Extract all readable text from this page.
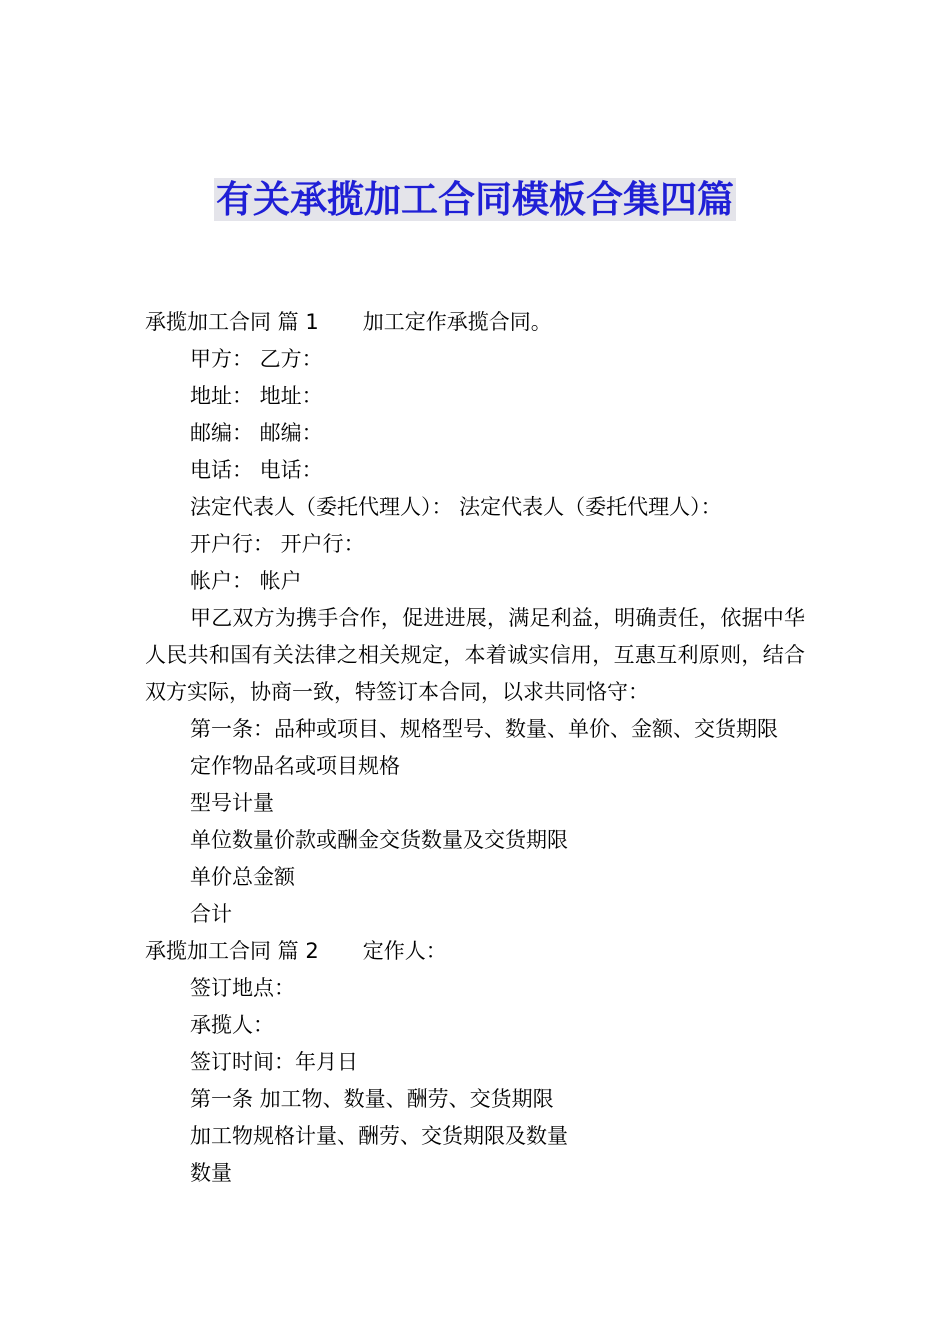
有关承揽加工合同模板合集四篇
承揽加工合同 篇 1 加工定作承揽合同。
甲方： 乙方：
地址： 地址：
邮编： 邮编：
电话： 电话：
法定代表人（委托代理人）： 法定代表人（委托代理人）：
开户行： 开户行：
帐户： 帐户

甲乙双方为携手合作，促进进展，满足利益，明确责任，依据中华人民共和国有关法律之相关规定，本着诚实信用，互惠互利原则，结合双方实际，协商一致，特签订本合同，以求共同恪守：

第一条：品种或项目、规格型号、数量、单价、金额、交货期限

定作物品名或项目规格
型号计量
单位数量价款或酬金交货数量及交货期限
单价总金额
合计
承揽加工合同 篇 2 定作人：
签订地点：
承揽人：
签订时间：年月日
第一条 加工物、数量、酬劳、交货期限
加工物规格计量、酬劳、交货期限及数量
数量
